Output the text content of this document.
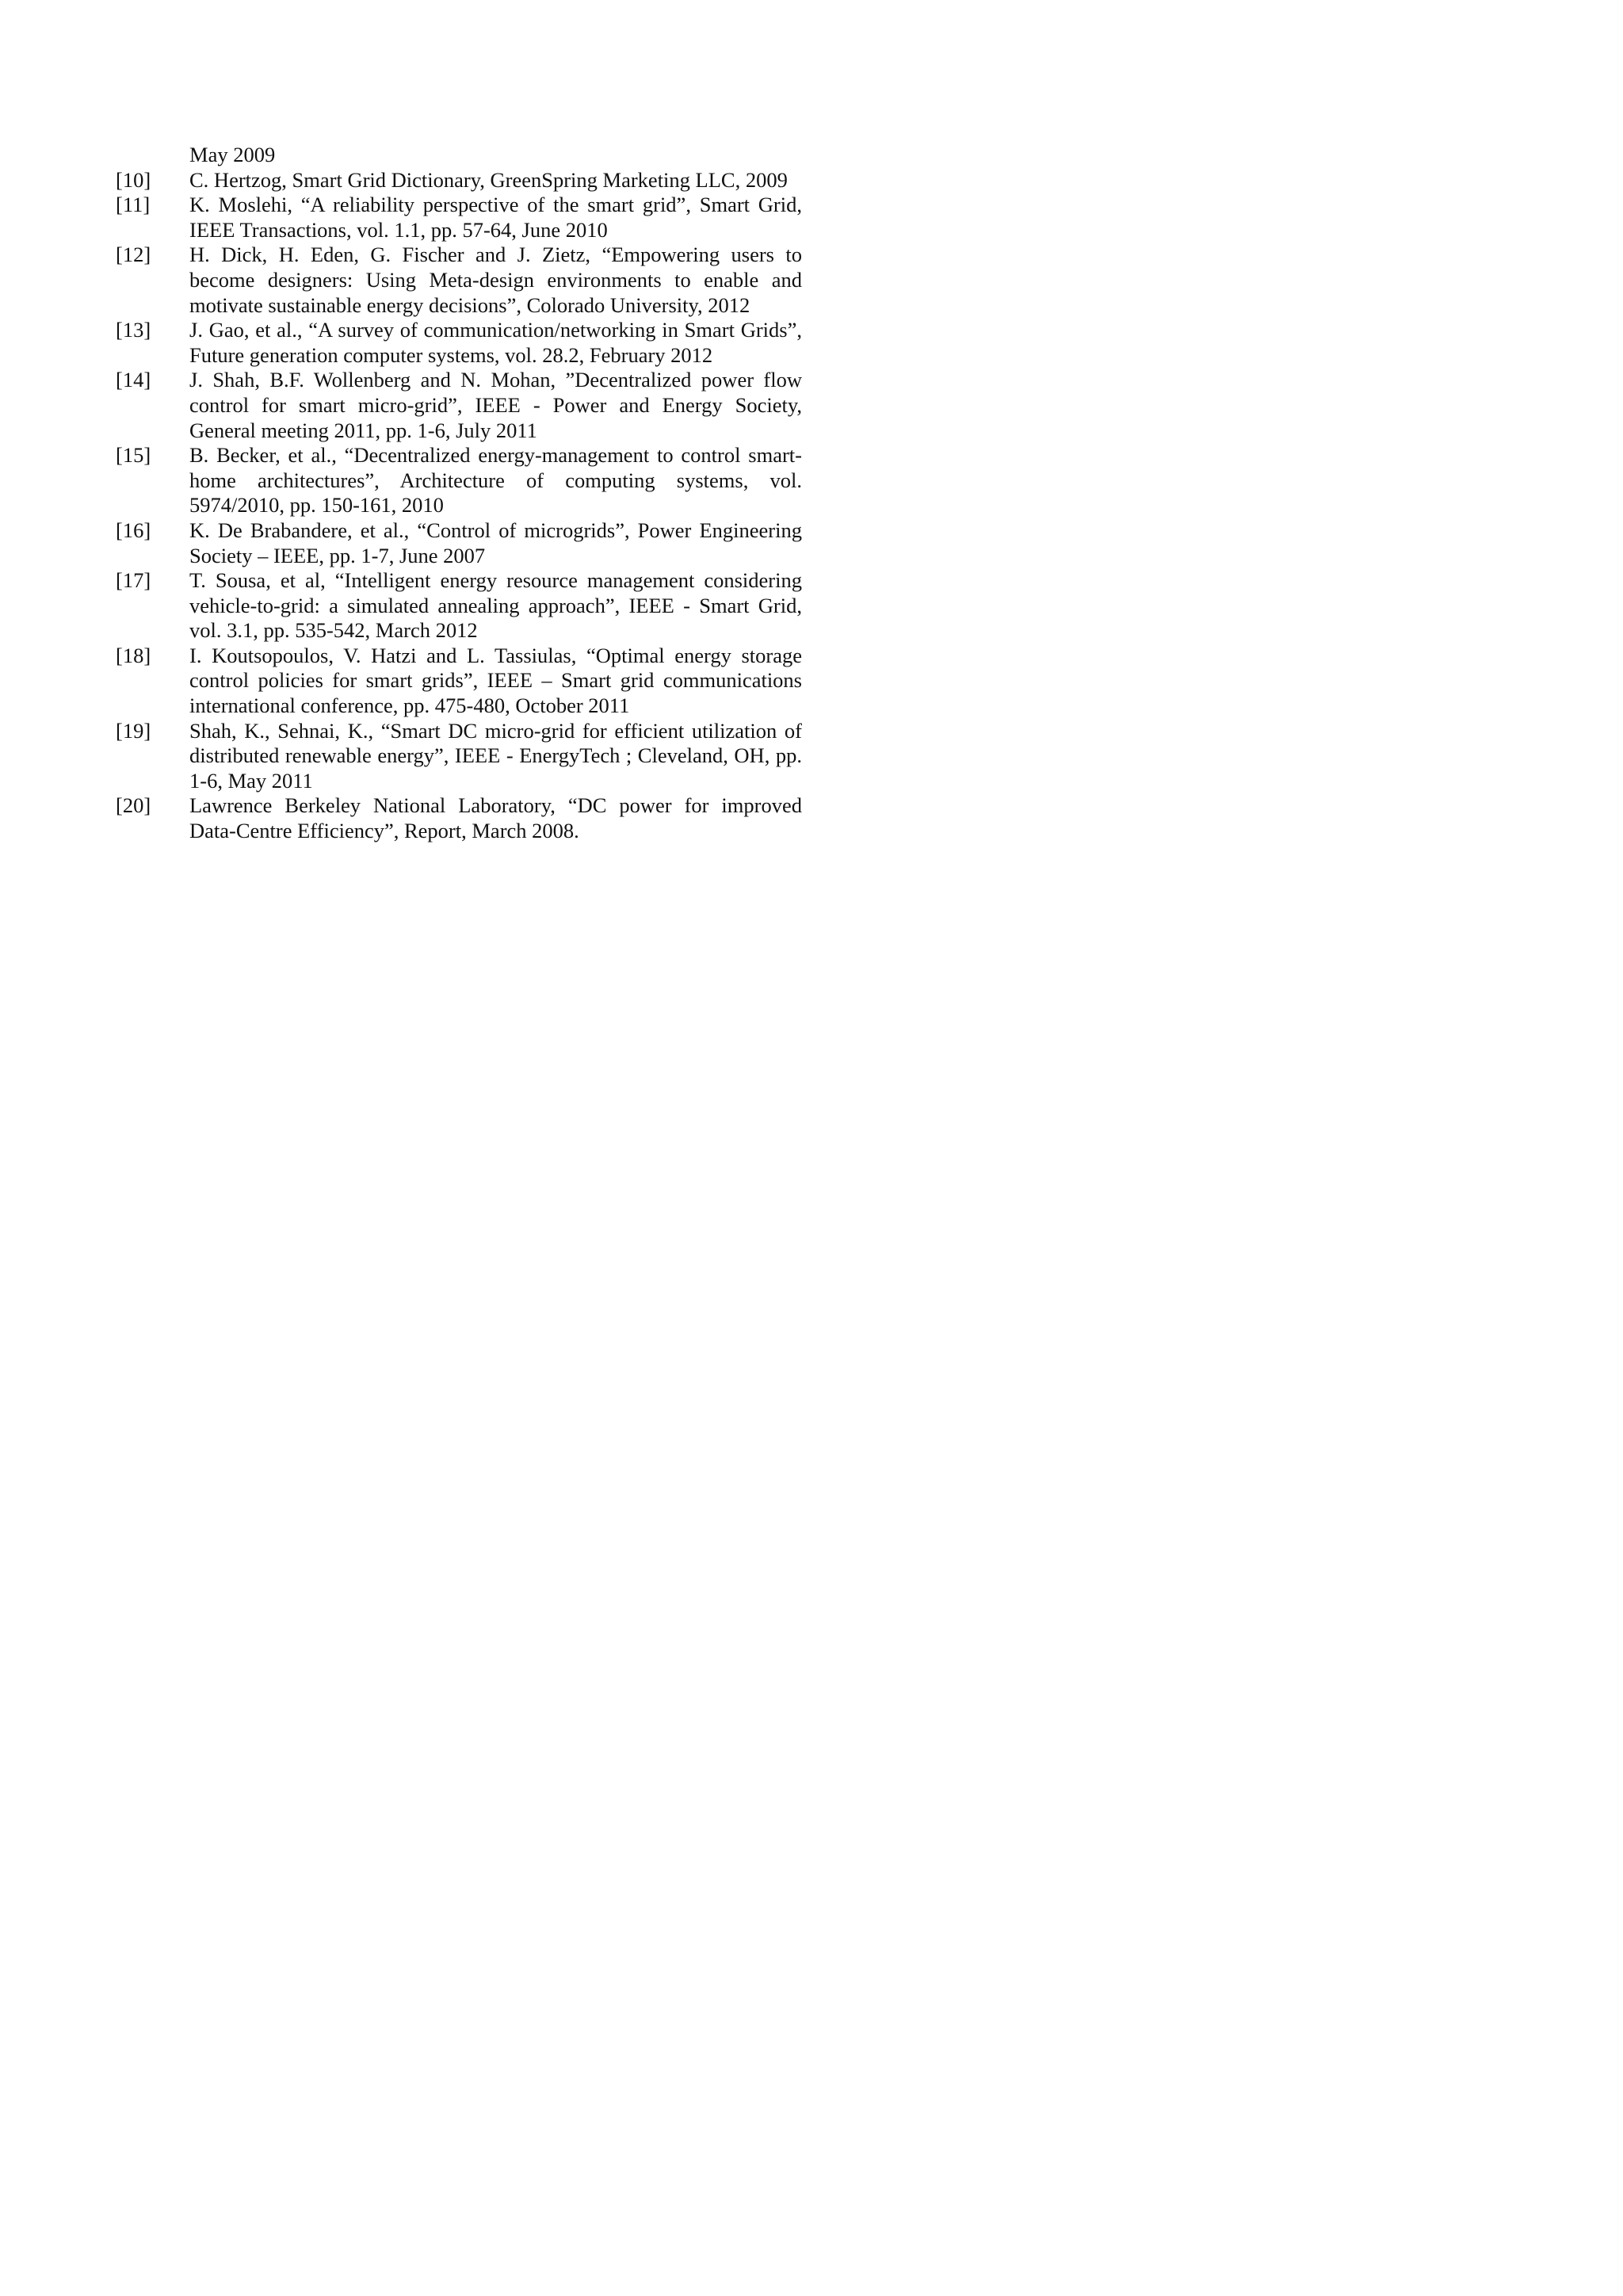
May 2009
[10]	C. Hertzog, Smart Grid Dictionary, GreenSpring Marketing LLC, 2009
[11]	K. Moslehi, “A reliability perspective of the smart grid”, Smart Grid, IEEE Transactions, vol. 1.1, pp. 57-64, June 2010
[12]	H. Dick, H. Eden, G. Fischer and J. Zietz, “Empowering users to become designers: Using Meta-design environments to enable and motivate sustainable energy decisions”, Colorado University, 2012
[13]	J. Gao, et al., “A survey of communication/networking in Smart Grids”, Future generation computer systems, vol. 28.2, February 2012
[14]	J. Shah, B.F. Wollenberg and N. Mohan, ”Decentralized power flow control for smart micro-grid”, IEEE - Power and Energy Society, General meeting 2011, pp. 1-6, July 2011
[15]	B. Becker, et al., “Decentralized energy-management to control smart-home architectures”, Architecture of computing systems, vol. 5974/2010, pp. 150-161, 2010
[16]	K. De Brabandere, et al., “Control of microgrids”, Power Engineering Society – IEEE, pp. 1-7, June 2007
[17]	T. Sousa, et al, “Intelligent energy resource management considering vehicle-to-grid: a simulated annealing approach”, IEEE - Smart Grid, vol. 3.1, pp. 535-542, March 2012
[18]	I. Koutsopoulos, V. Hatzi and L. Tassiulas, “Optimal energy storage control policies for smart grids”, IEEE – Smart grid communications international conference, pp. 475-480, October 2011
[19]	Shah, K., Sehnai, K., “Smart DC micro-grid for efficient utilization of distributed renewable energy”, IEEE - EnergyTech ; Cleveland, OH, pp. 1-6, May 2011
[20]	Lawrence Berkeley National Laboratory, “DC power for improved Data-Centre Efficiency”, Report, March 2008.
